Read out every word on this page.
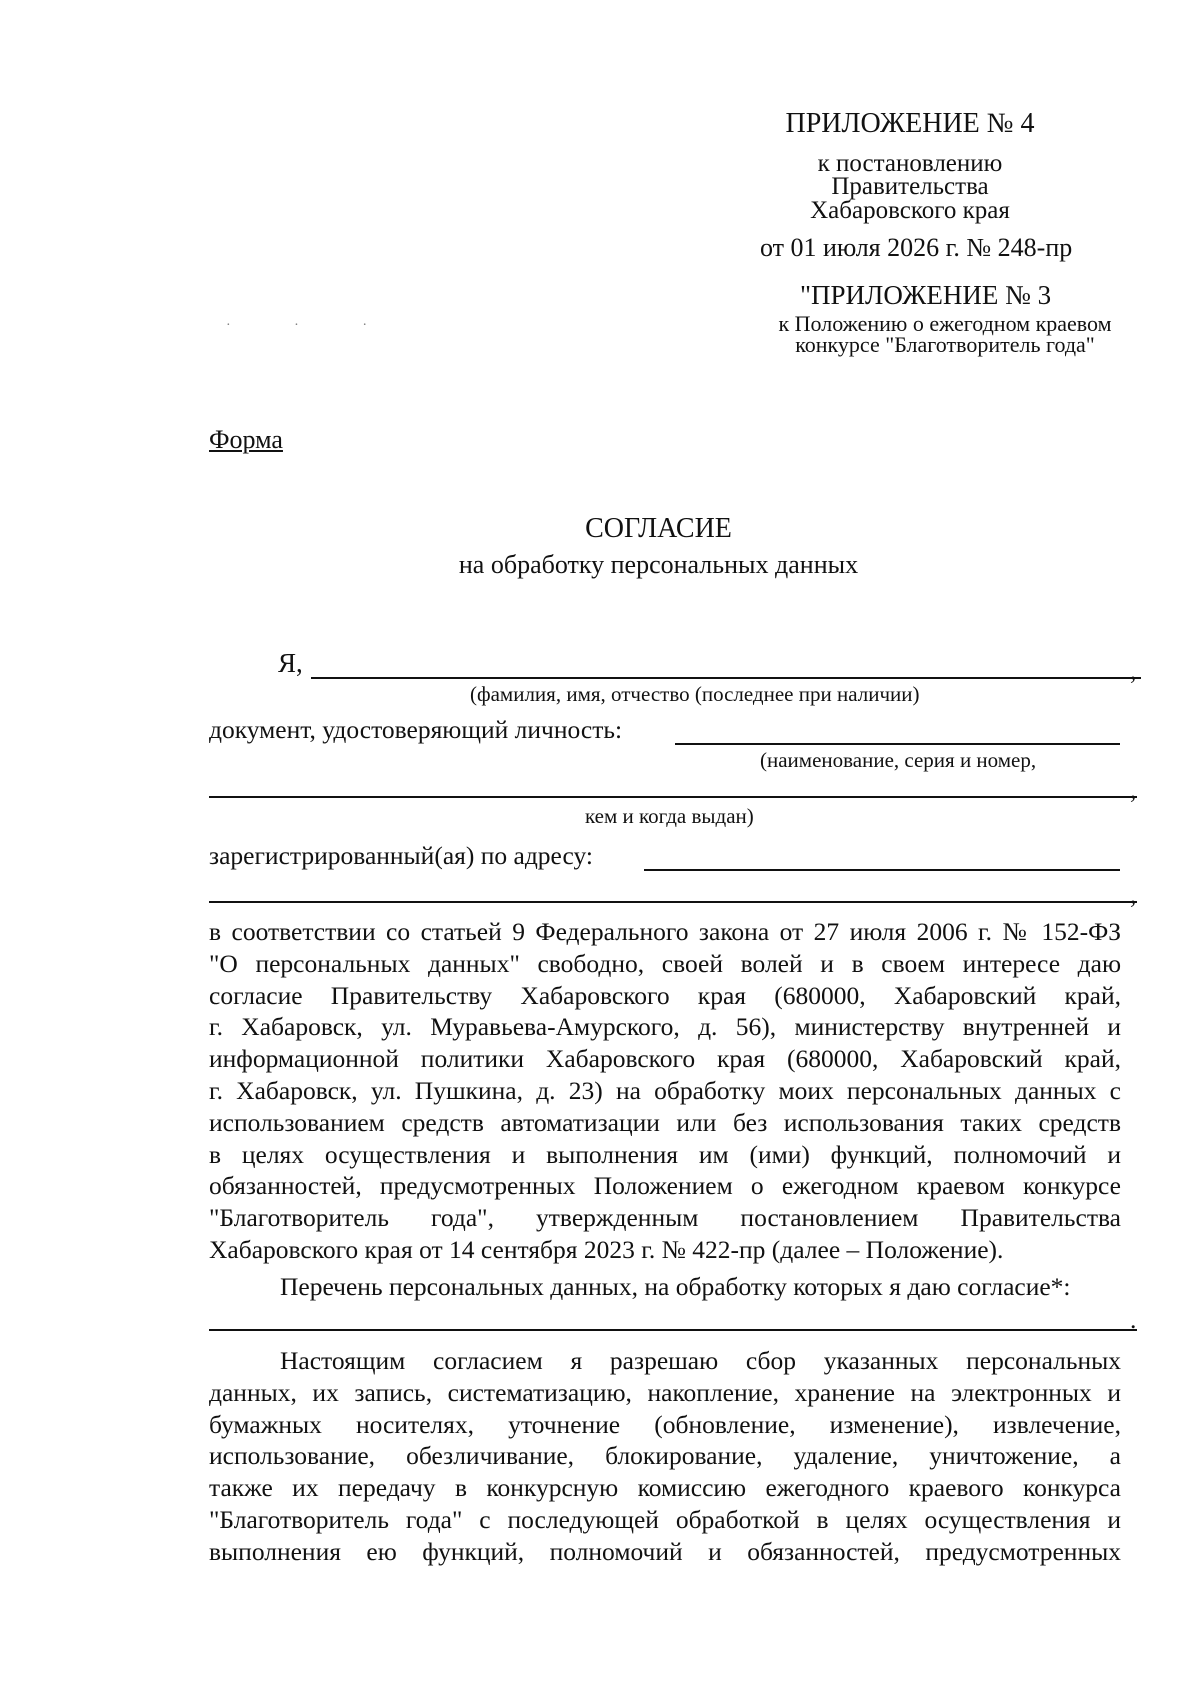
ПРИЛОЖЕНИЕ № 4
к постановлению
Правительства
Хабаровского края
от 01 июля 2026 г. № 248-пр
"ПРИЛОЖЕНИЕ № 3
к Положению о ежегодном краевом
конкурсе "Благотворитель года"
· · ·
Форма
СОГЛАСИЕ
на обработку персональных данных
Я,	,
(фамилия, имя, отчество (последнее при наличии)
документ, удостоверяющий личность:
(наименование, серия и номер,
,
кем и когда выдан)
зарегистрированный(ая) по адресу:
,
в соответствии со статьей 9 Федерального закона от 27 июля 2006 г. № 152-ФЗ
"О персональных данных" свободно, своей волей и в своем интересе даю
согласие Правительству Хабаровского края (680000, Хабаровский край,
г. Хабаровск, ул. Муравьева-Амурского, д. 56), министерству внутренней и
информационной политики Хабаровского края (680000, Хабаровский край,
г. Хабаровск, ул. Пушкина, д. 23) на обработку моих персональных данных с
использованием средств автоматизации или без использования таких средств
в целях осуществления и выполнения им (ими) функций, полномочий и
обязанностей, предусмотренных Положением о ежегодном краевом конкурсе
"Благотворитель года", утвержденным постановлением Правительства
Хабаровского края от 14 сентября 2023 г. № 422-пр (далее – Положение).
Перечень персональных данных, на обработку которых я даю согласие*:
.
Настоящим согласием я разрешаю сбор указанных персональных
данных, их запись, систематизацию, накопление, хранение на электронных и
бумажных носителях, уточнение (обновление, изменение), извлечение,
использование, обезличивание, блокирование, удаление, уничтожение, а
также их передачу в конкурсную комиссию ежегодного краевого конкурса
"Благотворитель года" с последующей обработкой в целях осуществления и
выполнения ею функций, полномочий и обязанностей, предусмотренных
